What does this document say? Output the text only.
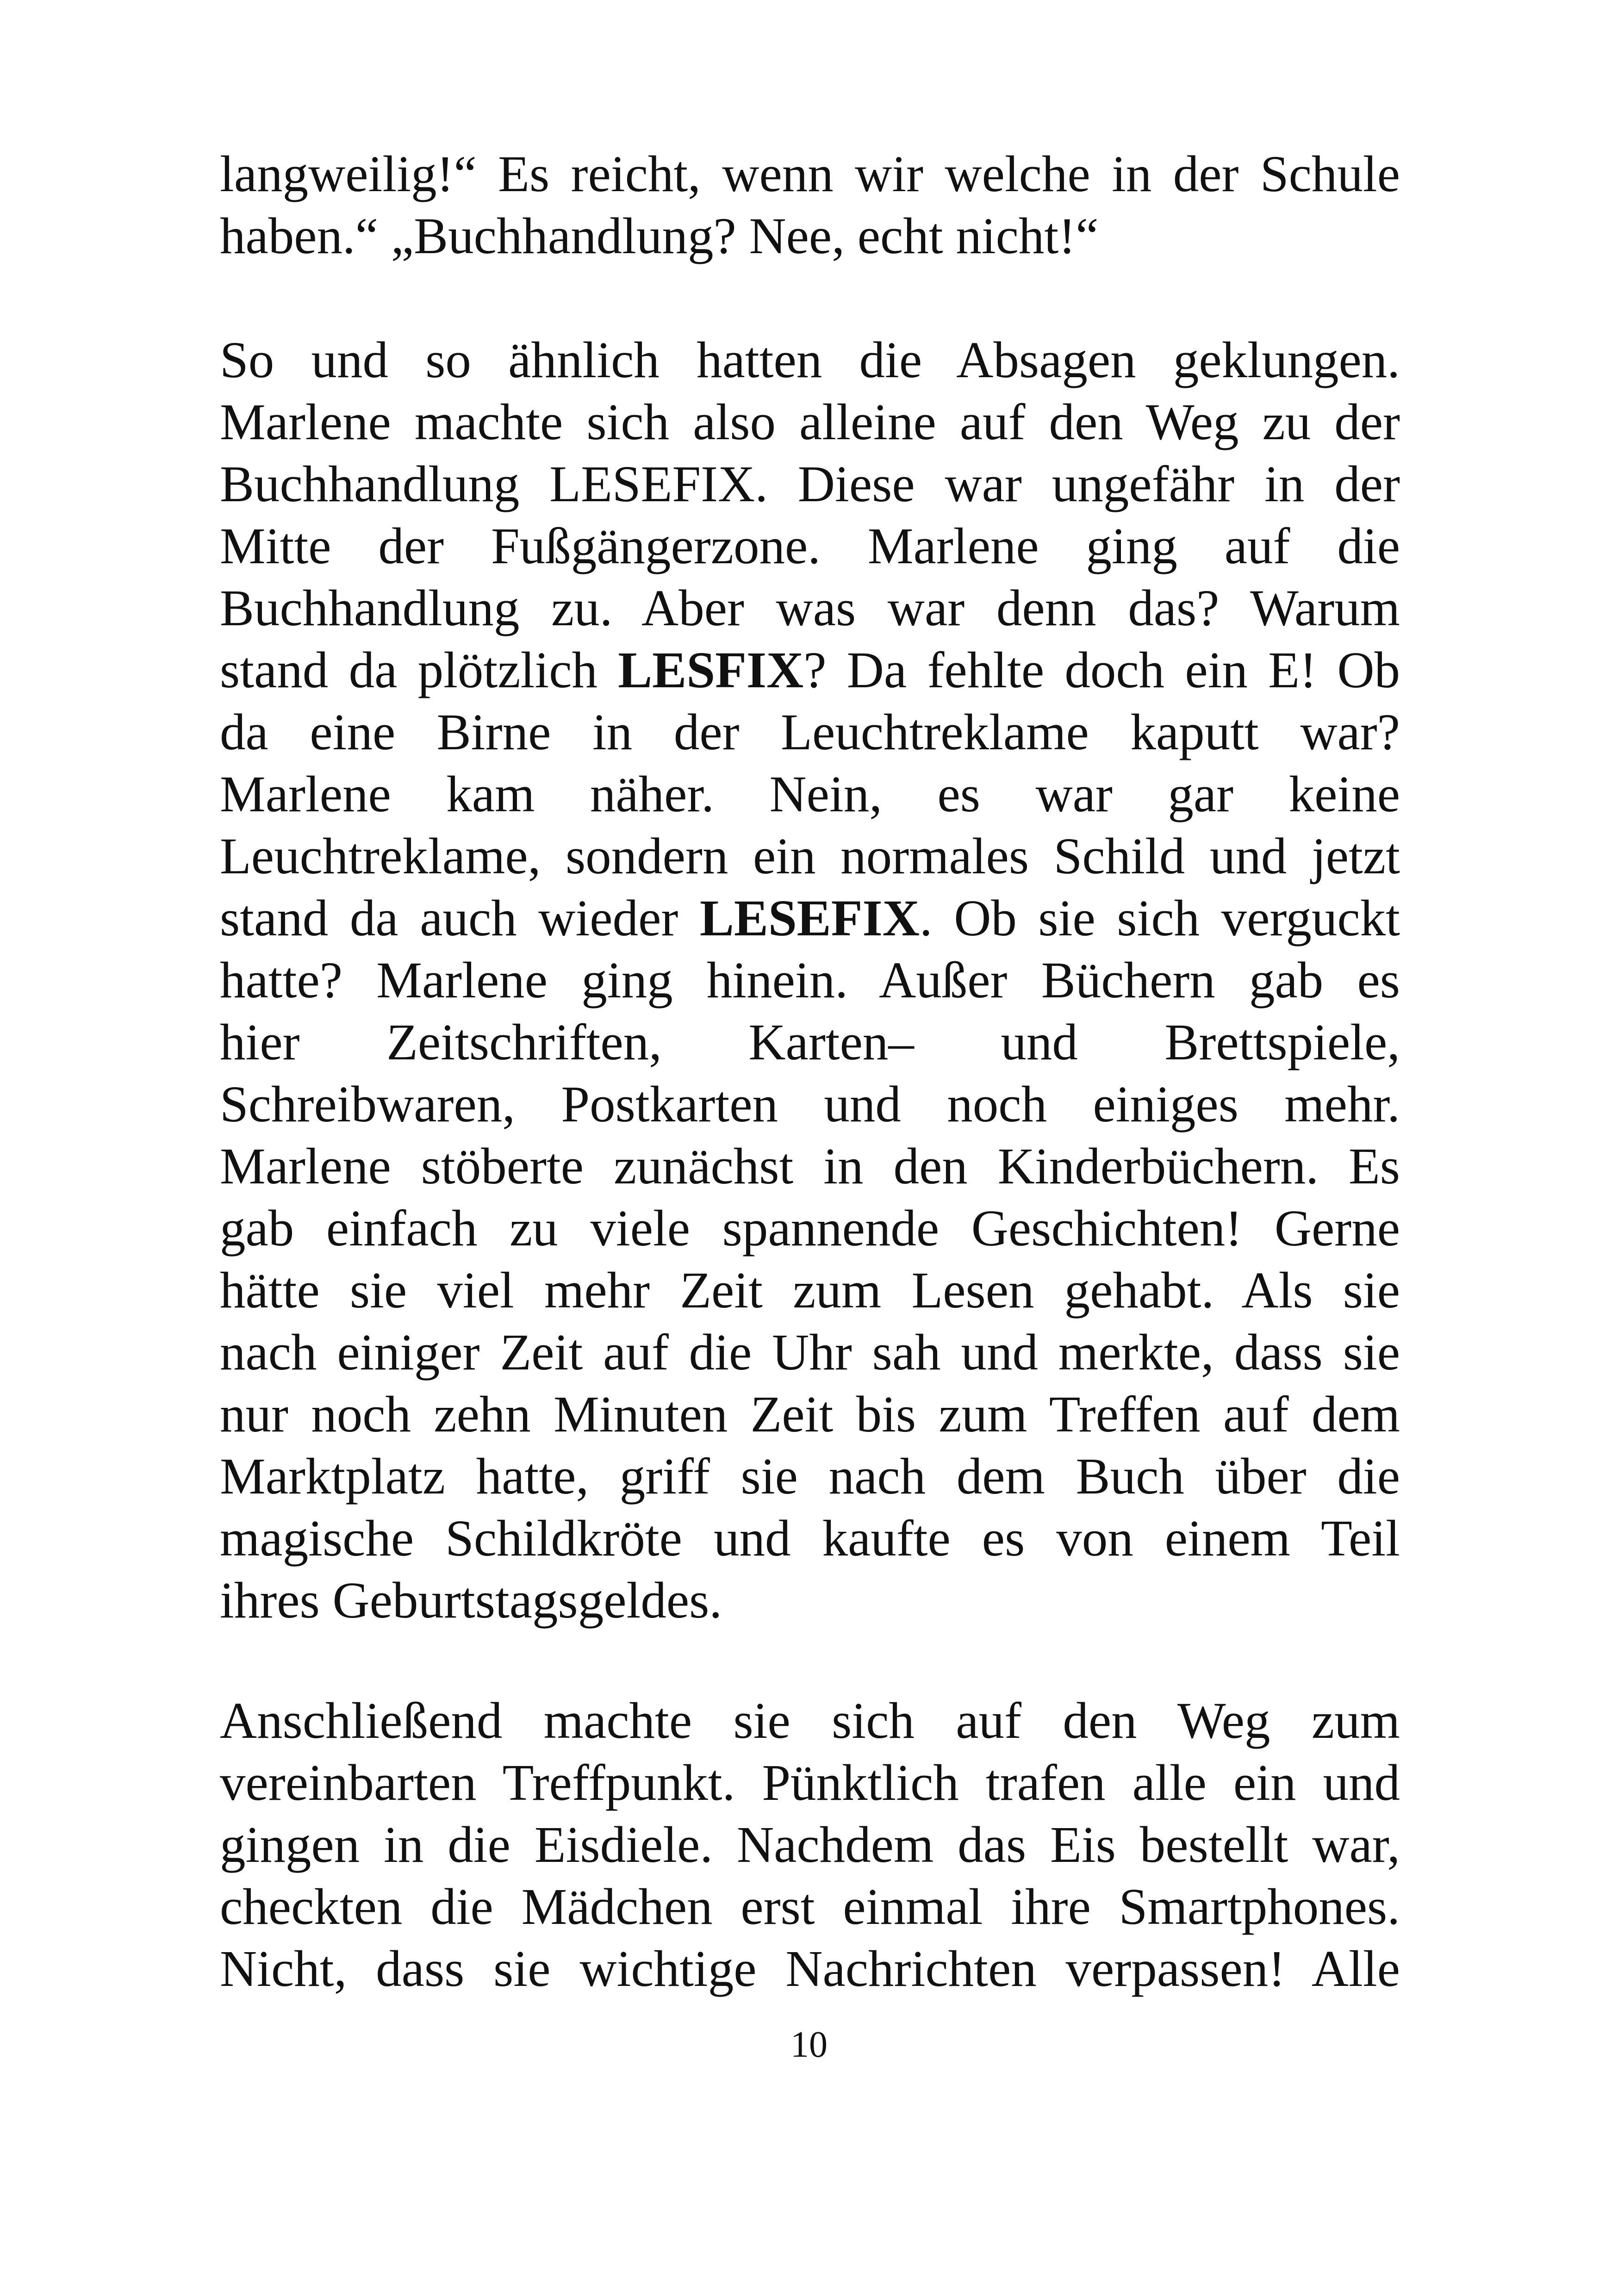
langweilig!“ Es reicht, wenn wir welche in der Schule
haben.“ „Buchhandlung? Nee, echt nicht!“
So und so ähnlich hatten die Absagen geklungen.
Marlene machte sich also alleine auf den Weg zu der
Buchhandlung LESEFIX. Diese war ungefähr in der
Mitte der Fußgängerzone. Marlene ging auf die
Buchhandlung zu. Aber was war denn das? Warum
stand da plötzlich LESFIX? Da fehlte doch ein E! Ob
da eine Birne in der Leuchtreklame kaputt war?
Marlene kam näher. Nein, es war gar keine
Leuchtreklame, sondern ein normales Schild und jetzt
stand da auch wieder LESEFIX. Ob sie sich verguckt
hatte? Marlene ging hinein. Außer Büchern gab es
hier Zeitschriften, Karten– und Brettspiele,
Schreibwaren, Postkarten und noch einiges mehr.
Marlene stöberte zunächst in den Kinderbüchern. Es
gab einfach zu viele spannende Geschichten! Gerne
hätte sie viel mehr Zeit zum Lesen gehabt. Als sie
nach einiger Zeit auf die Uhr sah und merkte, dass sie
nur noch zehn Minuten Zeit bis zum Treffen auf dem
Marktplatz hatte, griff sie nach dem Buch über die
magische Schildkröte und kaufte es von einem Teil
ihres Geburtstagsgeldes.
Anschließend machte sie sich auf den Weg zum
vereinbarten Treffpunkt. Pünktlich trafen alle ein und
gingen in die Eisdiele. Nachdem das Eis bestellt war,
checkten die Mädchen erst einmal ihre Smartphones.
Nicht, dass sie wichtige Nachrichten verpassen! Alle
10
